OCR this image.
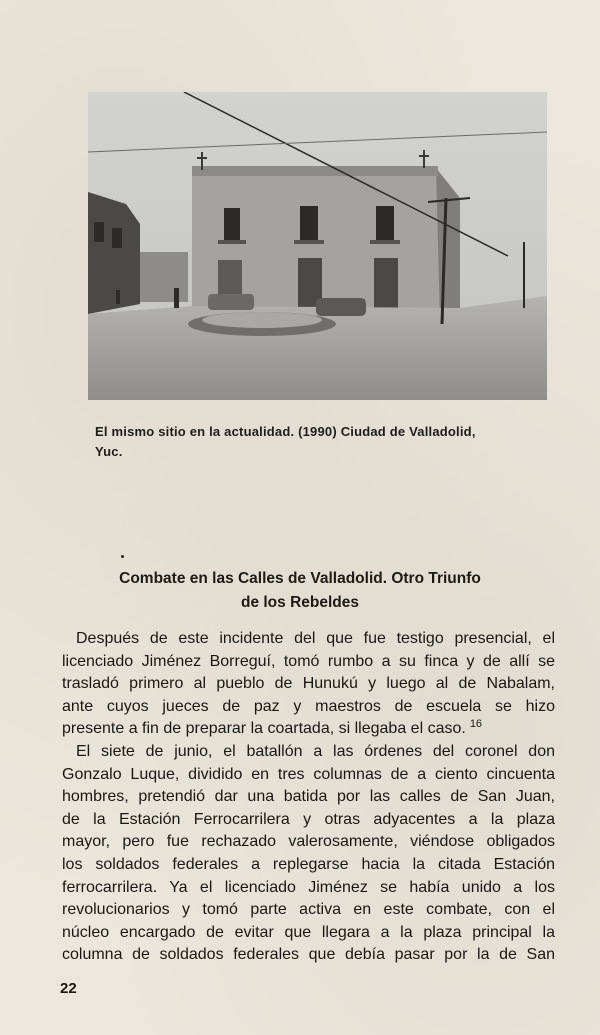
El mismo sitio en la actualidad. (1990) Ciudad de Valladolid,
Yuc.
Combate en las Calles de Valladolid. Otro Triunfo
de los Rebeldes
Después de este incidente del que fue testigo presencial, el
licenciado Jiménez Borreguí, tomó rumbo a su finca y de allí se
trasladó primero al pueblo de Hunukú y luego al de Nabalam,
ante cuyos jueces de paz y maestros de escuela se hizo
presente a fin de preparar la coartada, si llegaba el caso. $^{16}$
El siete de junio, el batallón a las órdenes del coronel don
Gonzalo Luque, dividido en tres columnas de a ciento cincuenta
hombres, pretendió dar una batida por las calles de San Juan,
de la Estación Ferrocarrilera y otras adyacentes a la plaza
mayor, pero fue rechazado valerosamente, viéndose obligados
los soldados federales a replegarse hacia la citada Estación
ferrocarrilera. Ya el licenciado Jiménez se había unido a los
revolucionarios y tomó parte activa en este combate, con el
núcleo encargado de evitar que llegara a la plaza principal la
columna de soldados federales que debía pasar por la de San
22
